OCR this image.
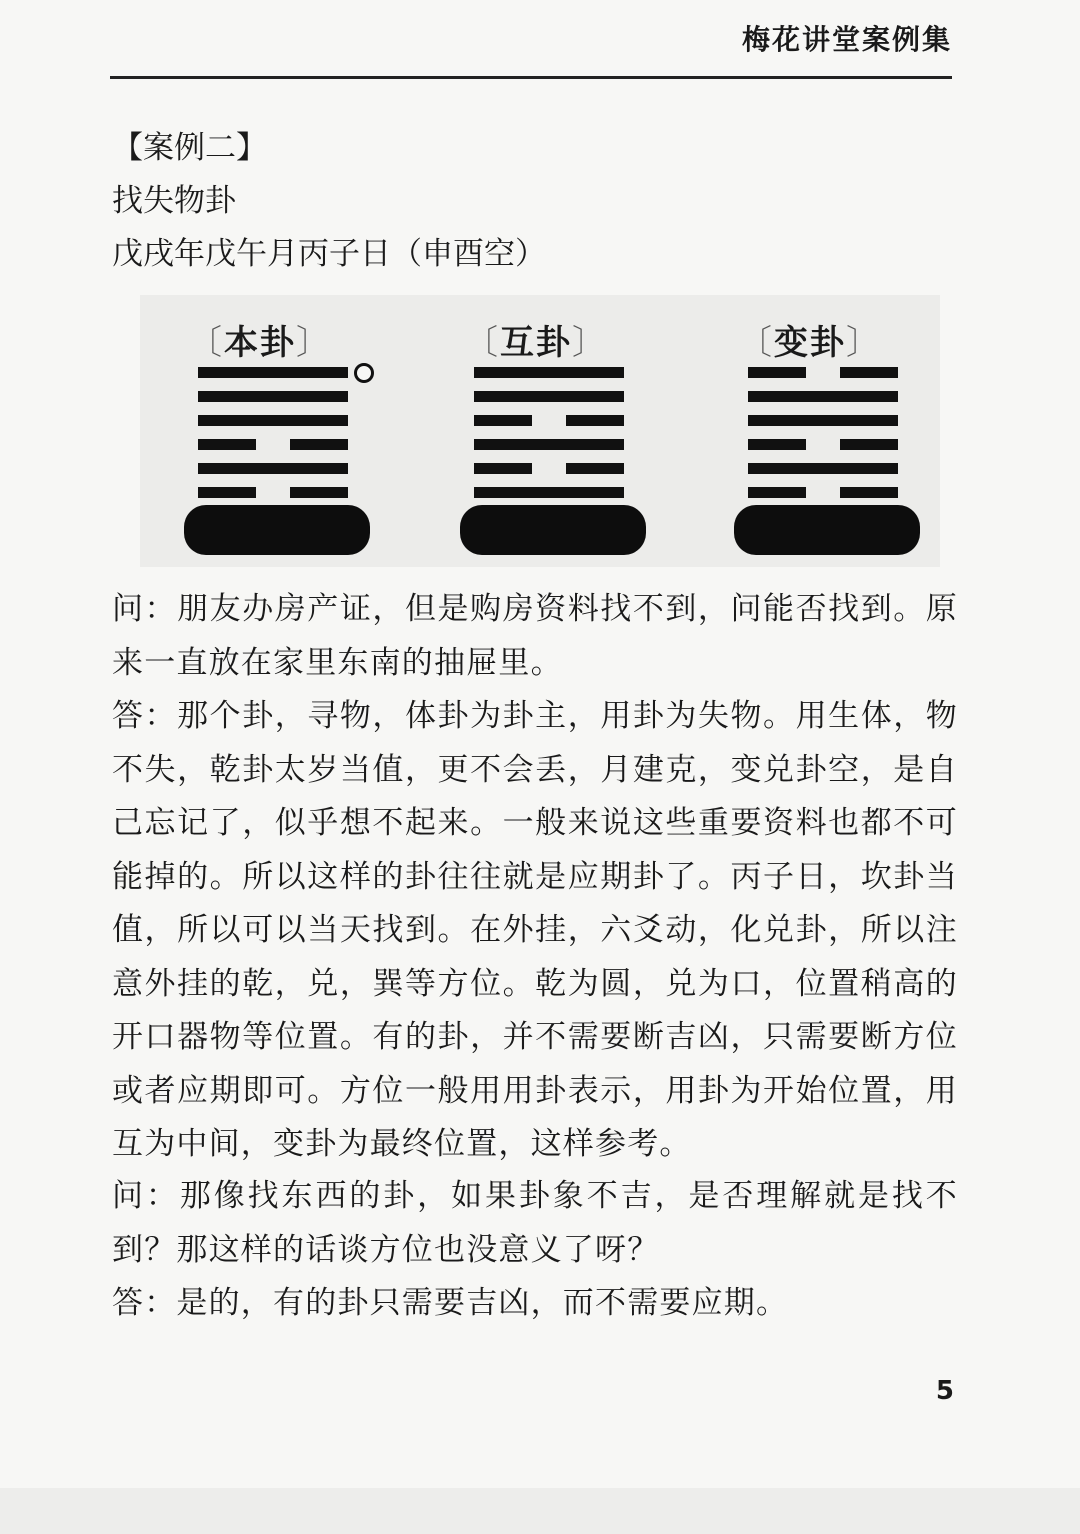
梅花讲堂案例集
【案例二】
找失物卦
戊戌年戊午月丙子日（申酉空）
〔本卦〕	〔互卦〕	〔变卦〕
问：朋友办房产证，但是购房资料找不到，问能否找到。原来一直放在家里东南的抽屉里。
答：那个卦，寻物，体卦为卦主，用卦为失物。用生体，物不失，乾卦太岁当值，更不会丢，月建克，变兑卦空，是自己忘记了，似乎想不起来。一般来说这些重要资料也都不可能掉的。所以这样的卦往往就是应期卦了。丙子日，坎卦当值，所以可以当天找到。在外挂，六爻动，化兑卦，所以注意外挂的乾，兑，巽等方位。乾为圆，兑为口，位置稍高的开口器物等位置。有的卦，并不需要断吉凶，只需要断方位或者应期即可。方位一般用用卦表示，用卦为开始位置，用互为中间，变卦为最终位置，这样参考。
问：那像找东西的卦，如果卦象不吉，是否理解就是找不到？那这样的话谈方位也没意义了呀？
答：是的，有的卦只需要吉凶，而不需要应期。
5
